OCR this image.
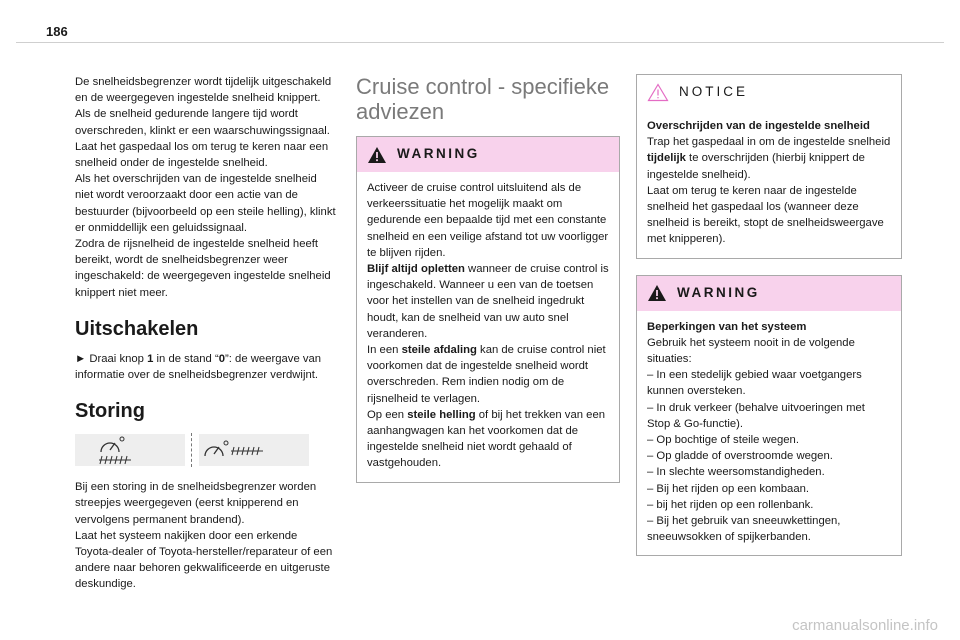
186

De snelheidsbegrenzer wordt tijdelijk uitgeschakeld en de weergegeven ingestelde snelheid knippert.
Als de snelheid gedurende langere tijd wordt overschreden, klinkt er een waarschuwingssignaal.
Laat het gaspedaal los om terug te keren naar een snelheid onder de ingestelde snelheid.
Als het overschrijden van de ingestelde snelheid niet wordt veroorzaakt door een actie van de bestuurder (bijvoorbeeld op een steile helling), klinkt er onmiddellijk een geluidssignaal.
Zodra de rijsnelheid de ingestelde snelheid heeft bereikt, wordt de snelheidsbegrenzer weer ingeschakeld: de weergegeven ingestelde snelheid knippert niet meer.

Uitschakelen

► Draai knop 1 in de stand “0”: de weergave van informatie over de snelheidsbegrenzer verdwijnt.

Storing

Bij een storing in de snelheidsbegrenzer worden streepjes weergegeven (eerst knipperend en vervolgens permanent brandend).
Laat het systeem nakijken door een erkende Toyota-dealer of Toyota-hersteller/reparateur of een andere naar behoren gekwalificeerde en uitgeruste deskundige.

Cruise control - specifieke adviezen
WARNING

Activeer de cruise control uitsluitend als de verkeerssituatie het mogelijk maakt om gedurende een bepaalde tijd met een constante snelheid en een veilige afstand tot uw voorligger te blijven rijden.

Blijf altijd opletten wanneer de cruise control is ingeschakeld. Wanneer u een van de toetsen voor het instellen van de snelheid ingedrukt houdt, kan de snelheid van uw auto snel veranderen.

In een steile afdaling kan de cruise control niet voorkomen dat de ingestelde snelheid wordt overschreden. Rem indien nodig om de rijsnelheid te verlagen.

Op een steile helling of bij het trekken van een aanhangwagen kan het voorkomen dat de ingestelde snelheid niet wordt gehaald of vastgehouden.

NOTICE

Overschrijden van de ingestelde snelheid

Trap het gaspedaal in om de ingestelde snelheid tijdelijk te overschrijden (hierbij knippert de ingestelde snelheid).

Laat om terug te keren naar de ingestelde snelheid het gaspedaal los (wanneer deze snelheid is bereikt, stopt de snelheidsweergave met knipperen).

WARNING

Beperkingen van het systeem

Gebruik het systeem nooit in de volgende situaties:

– In een stedelijk gebied waar voetgangers kunnen oversteken.
– In druk verkeer (behalve uitvoeringen met Stop & Go-functie).
– Op bochtige of steile wegen.
– Op gladde of overstroomde wegen.
– In slechte weersomstandigheden.
– Bij het rijden op een kombaan.
– bij het rijden op een rollenbank.
– Bij het gebruik van sneeuwkettingen, sneeuwsokken of spijkerbanden.
carmanualsonline.info
